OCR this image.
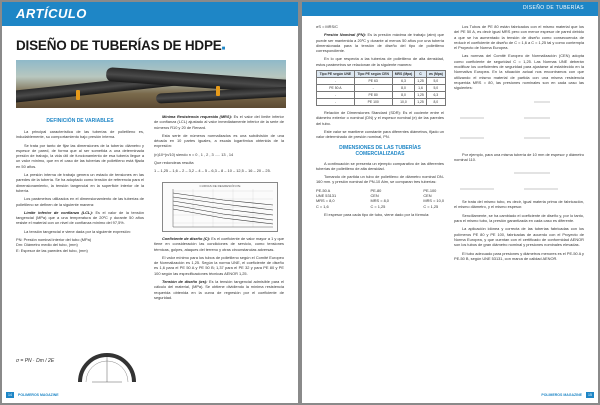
ARTÍCULO
DISEÑO DE TUBERÍAS DE HDPE■
DEFINICIÓN DE VARIABLES

La principal característica de las tuberías de polietileno es, indudablemente, su comportamiento bajo presión interna.

Se trata por tanto de fijar las dimensiones de la tubería: diámetro y espesor de pared, de forma que al ser sometida a una determinada presión de trabajo, la vida útil de funcionamiento de esa tubería llegue a un valor mínimo, que en el caso de las tuberías de polietileno está fijada en 50 años.

La presión interna de trabajo genera un estado de tensiones en las paredes de la tubería. Se ha adoptado como tensión de referencia para el dimensionamiento, la tensión tangencial en la superficie interior de la tubería.

Los parámetros utilizados en el dimensionamiento de las tuberías de polietileno se definen de la siguiente manera:

Límite inferior de confianza (LCL): Es el valor de la tensión tangencial (MPa) que a una temperatura de 20ºC y durante 50 años resiste el material con un nivel de confianza mínimo del 97,5%.

La tensión tangencial σ viene dada por la siguiente expresión:

PN: Presión nominal interior del tubo (MPa)

Dm: Diámetro medio del tubo, (mm)

E: Espesor de las paredes del tubo, (mm)

σ = PN · Dm / 2E

Mínima Resistencia requerida (MRS): Es el valor del límite inferior de confianza (LCL) ajustado al valor inmediatamente inferior de la serie de números R10 y 20 de Renard.

Esta serie de números normalizados es una subdivisión de una década en 10 partes iguales, a escala logarítmica obtenida de la expresión:

(n)10^(n/10) siendo n = 0 , 1 , 2 , 3 ..... 13 , 14

Que redondeas resulta

1 – 1,25 – 1,6 – 2 – 3,2 – 4 – 5 – 6,3 – 8 – 10 – 12,5 – 16 – 20 – 25.

CURVAS DE REGRESIÓN PE

Coeficiente de diseño (C): Es el coeficiente de valor mayor a 1 y que tiene en consideración las condiciones de servicio, como tensiones térmicas, golpes, ataques del terreno y otras circunstancias adversas.

El valor mínimo para los tubos de polietileno según el Comité Europeo de Normalización es 1,25. Según la norma UNE, el coeficiente de diseño es 1,6 para el PE 50 A y PE 50 B; 1,37 para el PE 32 y para PE 80 y PE 100 según las especificaciones técnicas AENOR 1,25.

Tensión de diseño (σs): Es la tensión tangencial admisible para el cálculo del material, (MPa). Se obtiene dividiendo la mínima resistencia requerida obtenida en la curva de regresión por el coeficiente de seguridad.

14	POLIMEROS MAGAZINE
DISEÑO DE TUBERÍAS

σS = MRS/C

Presión Nominal (PN): Es la presión máxima de trabajo (atm) que puede ser mantenida a 20ºC y durante al menos 50 años por una tubería dimensionada para la tensión de diseño del tipo de polietileno correspondiente.

En lo que respecta a las tuberías de polietileno de alta densidad, estos parámetros se relacionan de la siguiente manera:

Tipo PE según UNE	Tipo PE según CEN	MRS (Mpa)	C	σs (Mpa)
-	PE 63	6,3	1,25	5,0
PE 50 A	-	8,0	1,6	5,0
-	PE 80	8,0	1,25	6,3
-	PE 100	10,0	1,25	8,0

Relación de Dimensiones Standard (SDR): Es el cociente entre el diámetro exterior o nominal (DN) y el espesor nominal (e) de las paredes del tubo.

Este valor se mantiene constante para diferentes diámetros, fijado un valor determinado de presión nominal, PN.

DIMENSIONES DE LAS TUBERÍAS COMERCIALIZADAS

A continuación se presenta un ejemplo comparativo de las diferentes tuberías de polietileno de alta densidad.

Tomando de partida un tubo de polietileno de diámetro nominal DN-160 mm. y presión nominal de PN-10 Atm, se comparan tres tuberías:

PE-50 A
UNE 53131
MRS = 8,0
C = 1,6
PE-80
CEN
MRS = 8,0
C = 1,25
PE-100
CEN
MRS = 10,0
C = 1,25

El espesor para cada tipo de tubo, viene dado por la fórmula:

Los Tubos de PE 80 están fabricados con el mismo material que los del PE 50 A, es decir igual MRS pero con menor espesor de pared debido a que se ha aumentado la tensión de diseño como consecuencia de reducir el coeficiente de diseño de C = 1,6 a C = 1,25 tal y como contempla el Proyecto de Norma Europea.

Las normas del Comité Europeo de Normalización (CEN) adopta como coeficiente de seguridad C = 1,25. Las Normas UNE deberán modificar los coeficientes de seguridad para ajustarse al establecido en la Normativa Europea. En la situación actual nos encontramos con que utilizando el mismo material de partida con una misma resistencia requerida MRS = 80, las presiones nominales son en cada caso las siguientes:

Por ejemplo, para una misma tubería de 10 mm de espesor y diámetro nominal 110.

Se trata del mismo tubo, es decir, igual materia prima de fabricación, el mismo diámetro, y el mismo espesor.

Sencillamente, se ha cambiado el coeficiente de diseño y, por lo tanto, para el mismo tubo, la presión garantizada en cada caso es diferente.

La aplicación idónea y correcta de las tuberías fabricadas con los polímeros PE 80 y PE 100, fabricadas de acuerdo con el Proyecto de Norma Europea, y que cuentan con el certificado de conformidad AENOR son los tubos de gran diámetro nominal y presiones nominales elevadas.

El tubo adecuado para presiones y diámetros menores es el PE-50 A y PE-50 B, según UNE 53131, con marca de calidad AENOR.

POLIMEROS MAGAZINE	15
